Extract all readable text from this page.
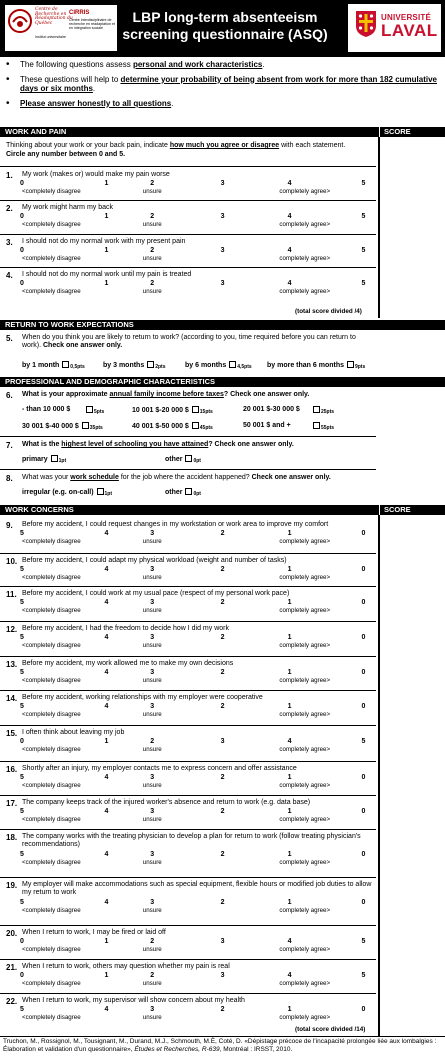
Centre de Recherche en Réadaptation du Québec
CIRRIS
Centre interdisciplinaire de recherche en réadaptation et en intégration sociale
Institut universitaire
LBP long-term absenteeism
screening questionnaire (ASQ)
UNIVERSITÉ
LAVAL
• The following questions assess personal and work characteristics.
• These questions will help to determine your probability of being absent from work for more than 182 cumulative days or six months.
• Please answer honestly to all questions.
WORK AND PAIN	SCORE
Thinking about your work or your back pain, indicate how much you agree or disagree with each statement.
Circle any number between 0 and 5.
1. My work (makes or) would make my pain worse
0	1	2	3	4	5
<completely disagree	unsure	completely agree>
2. My work might harm my back
0	1	2	3	4	5
<completely disagree	unsure	completely agree>
3. I should not do my normal work with my present pain
0	1	2	3	4	5
<completely disagree	unsure	completely agree>
4. I should not do my normal work until my pain is treated
0	1	2	3	4	5
<completely disagree	unsure	completely agree>
(total score divided /4)
RETURN TO WORK EXPECTATIONS
5. When do you think you are likely to return to work? (according to you, time required before you can return to work). Check one answer only.
by 1 month 0,5pts	by 3 months 2pts	by 6 months 4,5pts by more than 6 months 9pts
PROFESSIONAL AND DEMOGRAPHIC CHARACTERISTICS
6. What is your approximate annual family income before taxes? Check one answer only.
- than 10 000 $	5pts	10 001 $-20 000 $ 15pts	20 001 $-30 000 $	25pts
30 001 $-40 000 $ 35pts	40 001 $-50 000 $ 45pts	50 001 $ and +	55pts
7. What is the highest level of schooling you have attained? Check one answer only.
primary 1pt	other 0pt
8. What was your work schedule for the job where the accident happened? Check one answer only.
irregular (e.g. on-call) 1pt	other 0pt
WORK CONCERNS	SCORE
9. Before my accident, I could request changes in my workstation or work area to improve my comfort
5	4	3	2	1	0
<completely disagree	unsure	completely agree>
10. Before my accident, I could adapt my physical workload (weight and number of tasks)
5	4	3	2	1	0
<completely disagree	unsure	completely agree>
11. Before my accident, I could work at my usual pace (respect of my personal work pace)
5	4	3	2	1	0
<completely disagree	unsure	completely agree>
12. Before my accident, I had the freedom to decide how I did my work
5	4	3	2	1	0
<completely disagree	unsure	completely agree>
13. Before my accident, my work allowed me to make my own decisions
5	4	3	2	1	0
<completely disagree	unsure	completely agree>
14. Before my accident, working relationships with my employer were cooperative
5	4	3	2	1	0
<completely disagree	unsure	completely agree>
15. I often think about leaving my job
0	1	2	3	4	5
<completely disagree	unsure	completely agree>
16. Shortly after an injury, my employer contacts me to express concern and offer assistance
5	4	3	2	1	0
<completely disagree	unsure	completely agree>
17. The company keeps track of the injured worker's absence and return to work (e.g. data base)
5	4	3	2	1	0
<completely disagree	unsure	completely agree>
18. The company works with the treating physician to develop a plan for return to work (follow treating physician's recommendations)
5	4	3	2	1	0
<completely disagree	unsure	completely agree>
19. My employer will make accommodations such as special equipment, flexible hours or modified job duties to allow my return to work
5	4	3	2	1	0
<completely disagree	unsure	completely agree>
20. When I return to work, I may be fired or laid off
0	1	2	3	4	5
<completely disagree	unsure	completely agree>
21. When I return to work, others may question whether my pain is real
0	1	2	3	4	5
<completely disagree	unsure	completely agree>
22. When I return to work, my supervisor will show concern about my health
5	4	3	2	1	0
<completely disagree	unsure	completely agree>
(total score divided /14)
Truchon, M., Rossignol, M., Tousignant, M., Durand, M.J., Schmouth, M.È, Coté, D. «Dépistage précoce de l'incapacité prolongée liée aux lombalgies : Élaboration et validation d'un questionnaire», Études et Recherches, R-639, Montréal : IRSST, 2010.
